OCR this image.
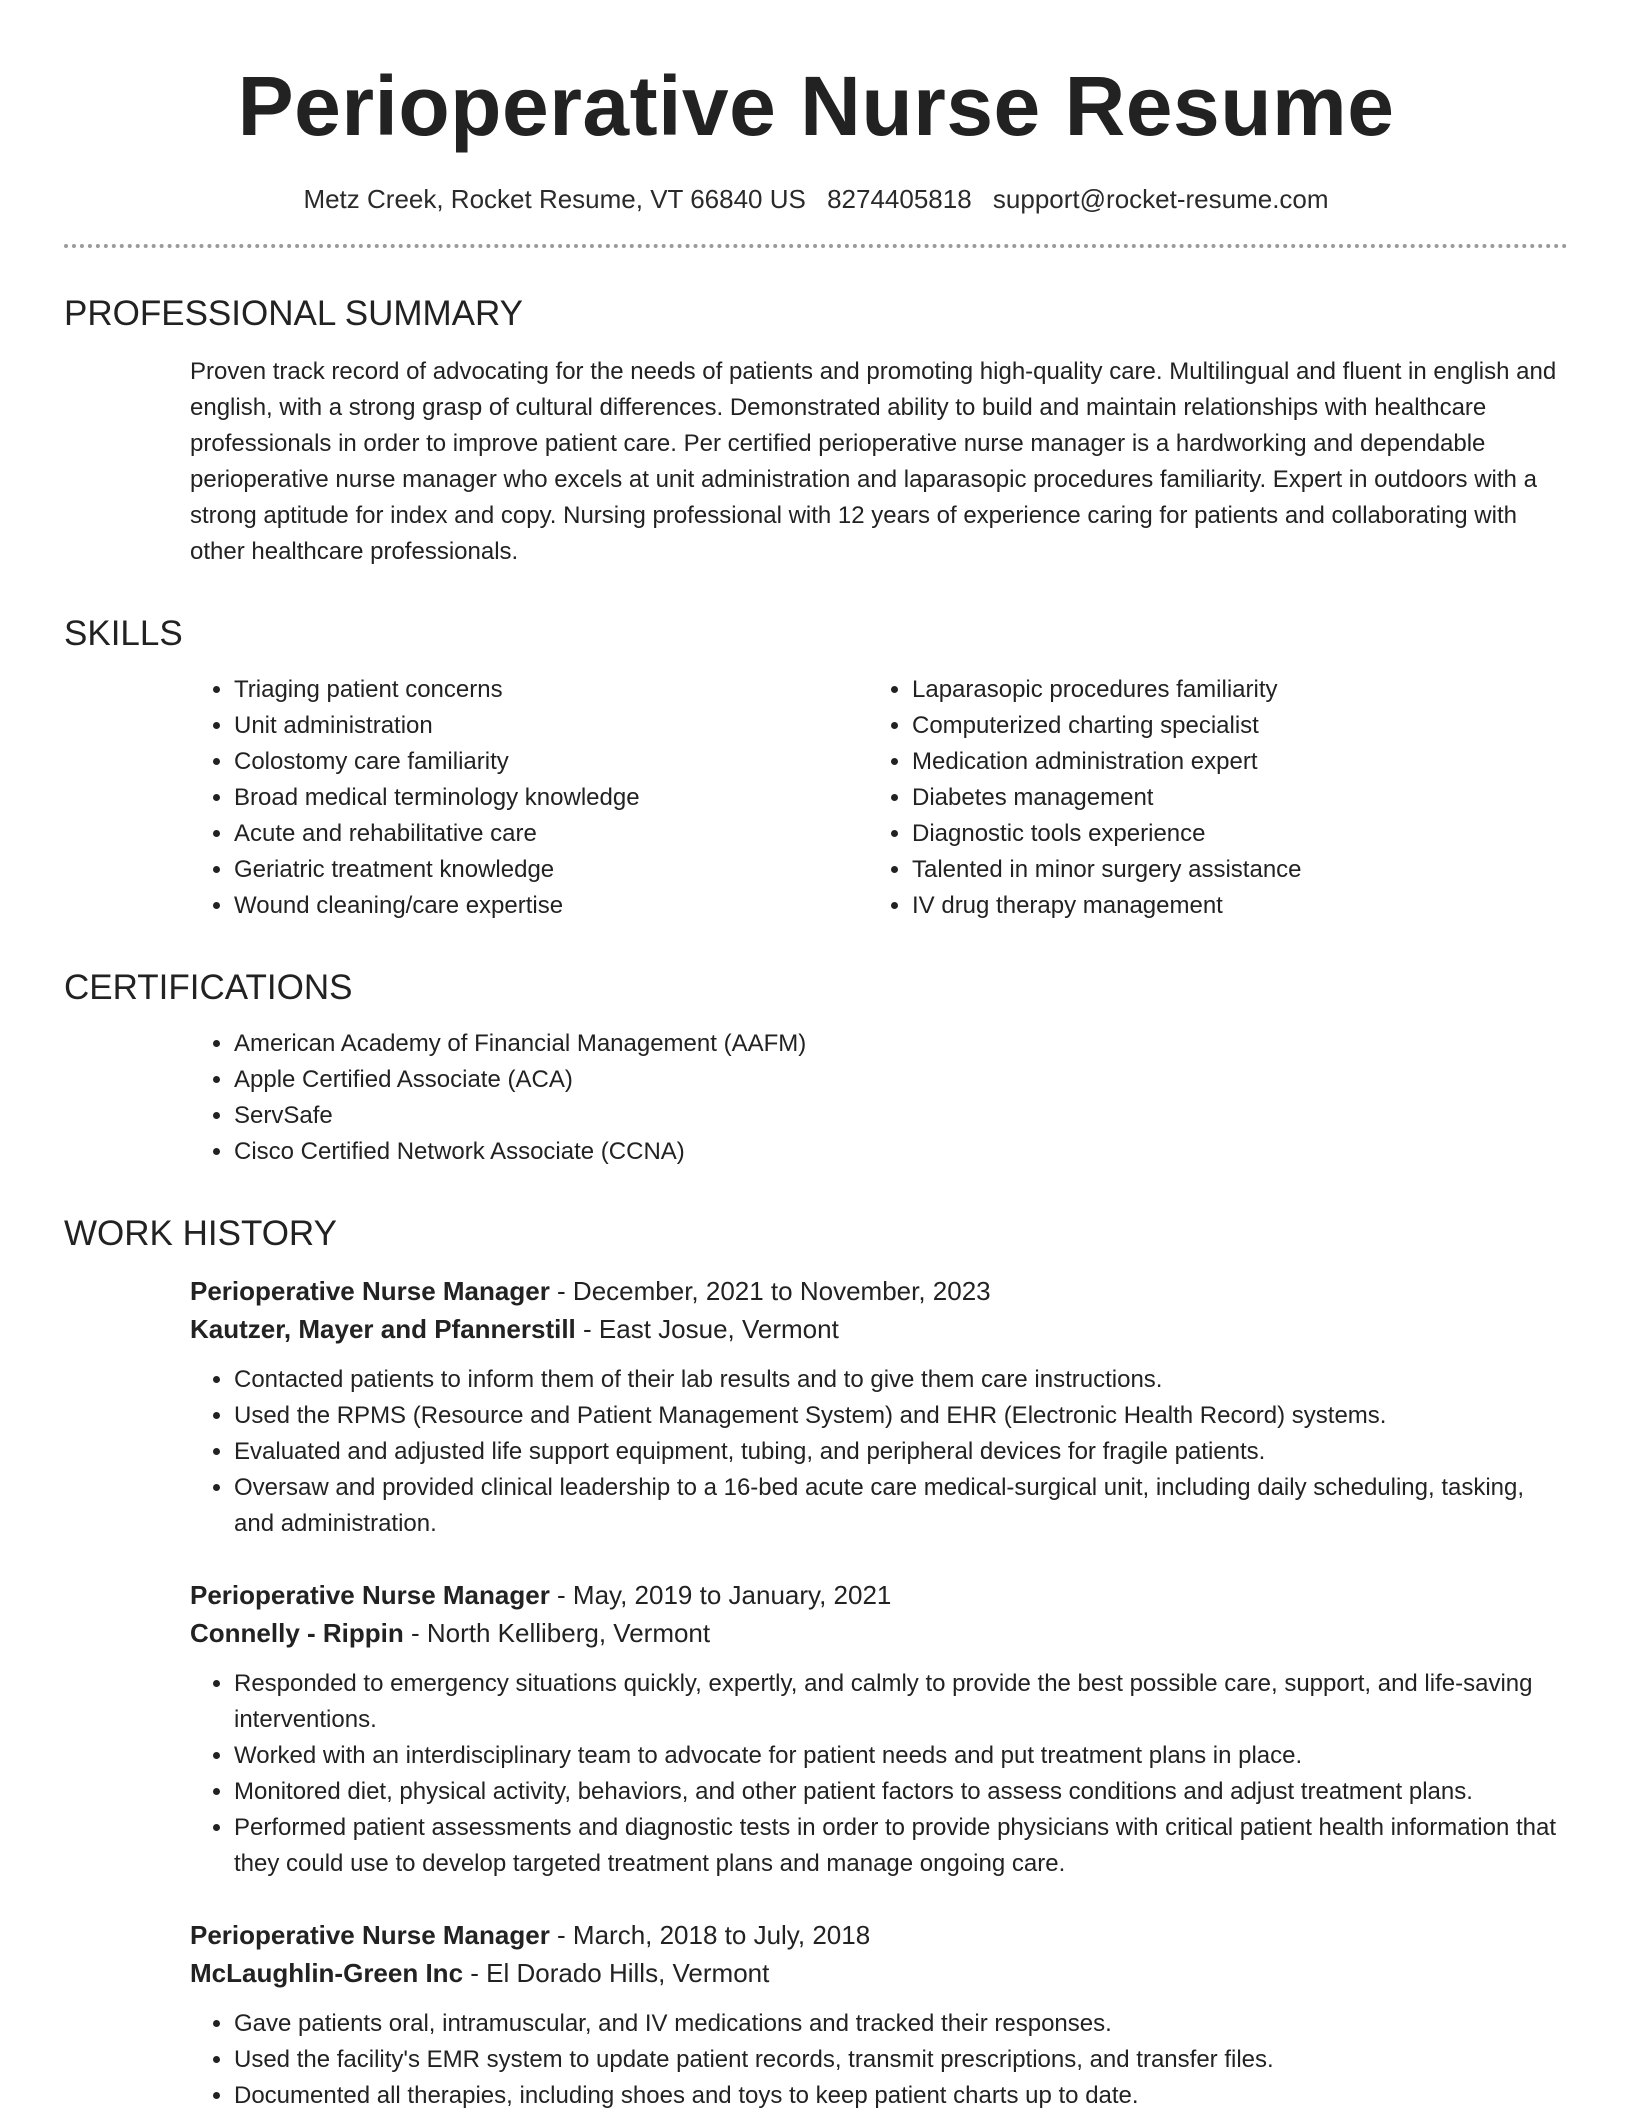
Perioperative Nurse Resume
Metz Creek, Rocket Resume, VT 66840 US 8274405818 support@rocket-resume.com
PROFESSIONAL SUMMARY

Proven track record of advocating for the needs of patients and promoting high-quality care. Multilingual and fluent in english and english, with a strong grasp of cultural differences. Demonstrated ability to build and maintain relationships with healthcare professionals in order to improve patient care. Per certified perioperative nurse manager is a hardworking and dependable perioperative nurse manager who excels at unit administration and laparasopic procedures familiarity. Expert in outdoors with a strong aptitude for index and copy. Nursing professional with 12 years of experience caring for patients and collaborating with other healthcare professionals.

SKILLS
• Triaging patient concerns
• Unit administration
• Colostomy care familiarity
• Broad medical terminology knowledge
• Acute and rehabilitative care
• Geriatric treatment knowledge
• Wound cleaning/care expertise
• Laparasopic procedures familiarity
• Computerized charting specialist
• Medication administration expert
• Diabetes management
• Diagnostic tools experience
• Talented in minor surgery assistance
• IV drug therapy management
CERTIFICATIONS
• American Academy of Financial Management (AAFM)
• Apple Certified Associate (ACA)
• ServSafe
• Cisco Certified Network Associate (CCNA)
WORK HISTORY
Perioperative Nurse Manager - December, 2021 to November, 2023
Kautzer, Mayer and Pfannerstill - East Josue, Vermont
• Contacted patients to inform them of their lab results and to give them care instructions.
• Used the RPMS (Resource and Patient Management System) and EHR (Electronic Health Record) systems.
• Evaluated and adjusted life support equipment, tubing, and peripheral devices for fragile patients.
• Oversaw and provided clinical leadership to a 16-bed acute care medical-surgical unit, including daily scheduling, tasking, and administration.
Perioperative Nurse Manager - May, 2019 to January, 2021
Connelly - Rippin - North Kelliberg, Vermont
• Responded to emergency situations quickly, expertly, and calmly to provide the best possible care, support, and life-saving interventions.
• Worked with an interdisciplinary team to advocate for patient needs and put treatment plans in place.
• Monitored diet, physical activity, behaviors, and other patient factors to assess conditions and adjust treatment plans.
• Performed patient assessments and diagnostic tests in order to provide physicians with critical patient health information that they could use to develop targeted treatment plans and manage ongoing care.
Perioperative Nurse Manager - March, 2018 to July, 2018
McLaughlin-Green Inc - El Dorado Hills, Vermont
• Gave patients oral, intramuscular, and IV medications and tracked their responses.
• Used the facility's EMR system to update patient records, transmit prescriptions, and transfer files.
• Documented all therapies, including shoes and toys to keep patient charts up to date.
